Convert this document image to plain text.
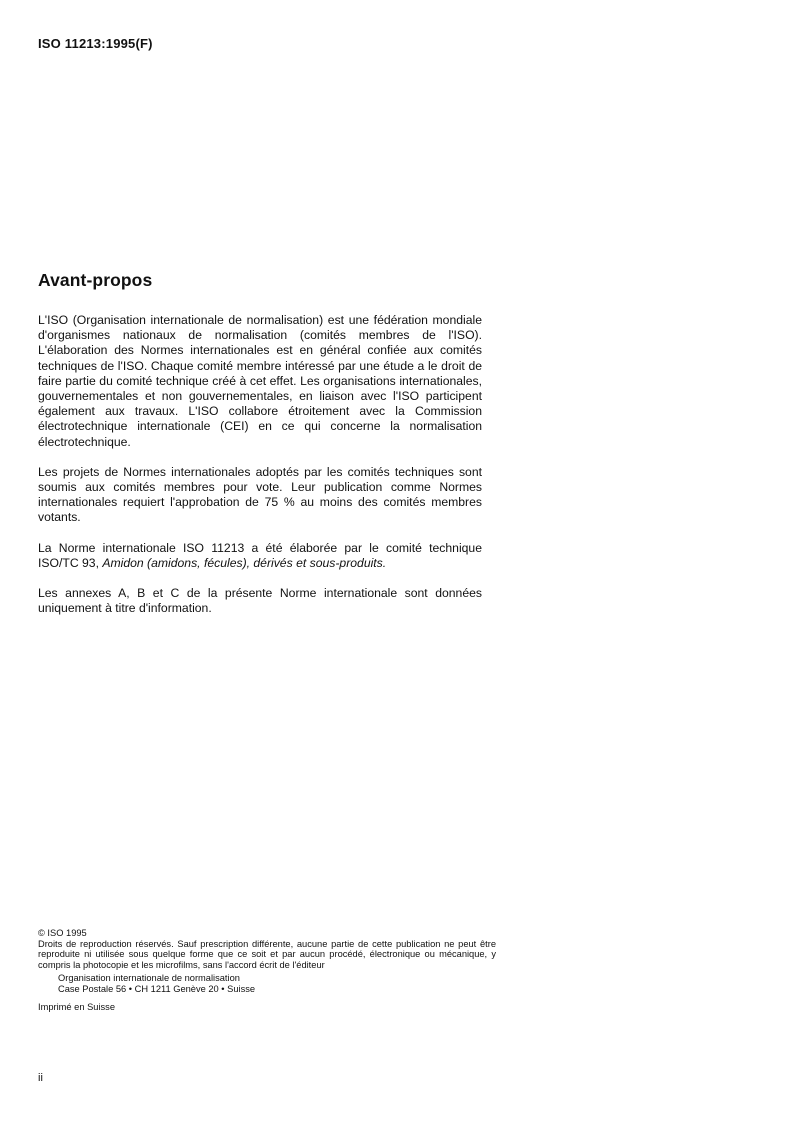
ISO 11213:1995(F)
Avant-propos

L'ISO (Organisation internationale de normalisation) est une fédération mondiale d'organismes nationaux de normalisation (comités membres de l'ISO). L'élaboration des Normes internationales est en général confiée aux comités techniques de l'ISO. Chaque comité membre intéressé par une étude a le droit de faire partie du comité technique créé à cet effet. Les organisations internationales, gouvernementales et non gouvernementales, en liaison avec l'ISO participent également aux travaux. L'ISO collabore étroitement avec la Commission électrotechnique internationale (CEI) en ce qui concerne la normalisation électrotechnique.

Les projets de Normes internationales adoptés par les comités techniques sont soumis aux comités membres pour vote. Leur publication comme Normes internationales requiert l'approbation de 75 % au moins des comités membres votants.

La Norme internationale ISO 11213 a été élaborée par le comité technique ISO/TC 93, Amidon (amidons, fécules), dérivés et sous-produits.

Les annexes A, B et C de la présente Norme internationale sont données uniquement à titre d'information.

© ISO 1995

Droits de reproduction réservés. Sauf prescription différente, aucune partie de cette publication ne peut être reproduite ni utilisée sous quelque forme que ce soit et par aucun procédé, électronique ou mécanique, y compris la photocopie et les microfilms, sans l'accord écrit de l'éditeur

Organisation internationale de normalisation
Case Postale 56 • CH 1211 Genève 20 • Suisse
Imprimé en Suisse
ii
